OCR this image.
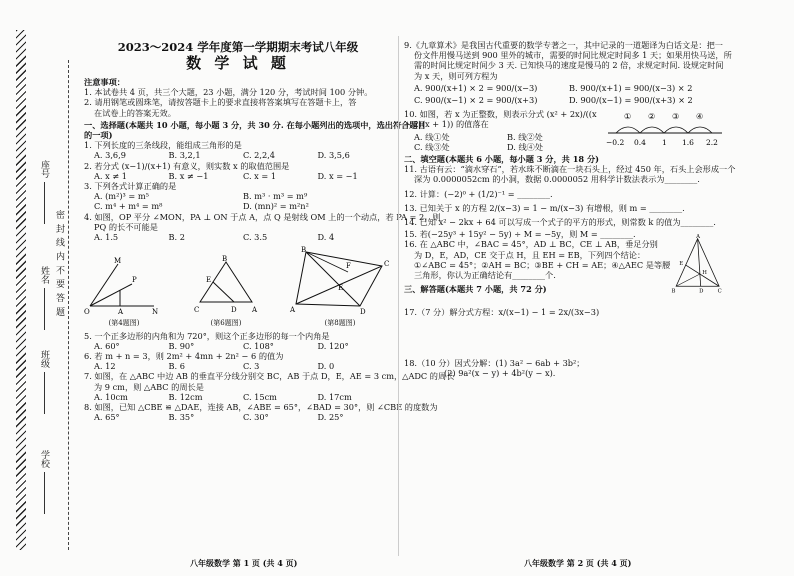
密 封 线 内 不 要 答 题
座号
姓名
班级
学校
2023～2024 学年度第一学期期末考试八年级
数 学 试 题
注意事项：
1. 本试卷共 4 页，共三个大题，23 小题，满分 120 分，考试时间 100 分钟。
2. 请用钢笔或圆珠笔，请按答题卡上的要求直接将答案填写在答题卡上，答
在试卷上的答案无效。
一、选择题(本题共 10 小题，每小题 3 分，共 30 分. 在每小题列出的选项中，选出符合题目
的一项)
1. 下列长度的三条线段，能组成三角形的是
A. 3,6,9	B. 3,2,1	C. 2,2,4	D. 3,5,6
2. 若分式 (x−1)/(x+1) 有意义，则实数 x 的取值范围是
A. x ≠ 1	B. x ≠ −1	C. x = 1	D. x = −1
3. 下列各式计算正确的是
A. (m²)³ = m⁵	B. m³ · m³ = m⁹
C. m⁴ + m⁴ = m⁸	D. (mn)² = m²n²
4. 如图，OP 平分 ∠MON，PA ⊥ ON 于点 A，点 Q 是射线 OM 上的一个动点，若 PA = 2，则
PQ 的长不可能是
A. 1.5	B. 2	C. 3.5	D. 4
M
P
O	A	N
(第4题图)
B
E
D
C	A
(第6题图)
B
F
A
E
C
D
(第8题图)
5. 一个正多边形的内角和为 720°，则这个正多边形的每一个内角是
A. 60°	B. 90°	C. 108°	D. 120°
6. 若 m + n = 3，则 2m² + 4mn + 2n² − 6 的值为
A. 12	B. 6	C. 3	D. 0
7. 如图，在 △ABC 中边 AB 的垂直平分线分别交 BC，AB 于点 D，E，AE = 3 cm，△ADC 的周长
为 9 cm，则 △ABC 的周长是
A. 10cm	B. 12cm	C. 15cm	D. 17cm
8. 如图，已知 △CBE ≌ △DAE，连接 AB，∠ABE = 65°，∠BAD = 30°，则 ∠CBE 的度数为
A. 65°	B. 35°	C. 30°	D. 25°
八年级数学 第 1 页 (共 4 页)
9.《九章算术》是我国古代重要的数学专著之一，其中记录的一道题译为白话文是：把一
份文件用慢马送到 900 里外的城市，需要的时间比规定时间多 1 天；如果用快马送，所
需的时间比规定时间少 3 天. 已知快马的速度是慢马的 2 倍，求规定时间. 设规定时间
为 x 天，则可列方程为
A. 900/(x+1) × 2 = 900/(x−3)	B. 900/(x+1) = 900/(x−3) × 2
C. 900/(x−1) × 2 = 900/(x+3)	D. 900/(x−1) = 900/(x+3) × 2
10. 如图，若 x 为正整数，则表示分式 (x² + 2x)/((x + 2)(x + 1)) 的值落在
A. 线①处	B. 线②处
C. 线③处	D. 线④处
① ② ③ ④
−0.2 0.4 1 1.6 2.2
二、填空题(本题共 6 小题，每小题 3 分，共 18 分)
11. 古语有云：“滴水穿石”，若水珠不断滴在一块石头上，经过 450 年，石头上会形成一个
深为 0.0000052cm 的小洞，数据 0.0000052 用科学计数法表示为________.
12. 计算：(−2)⁰ + (1/2)⁻¹ = ________.
13. 已知关于 x 的方程 2/(x−3) = 1 − m/(x−3) 有增根，则 m = ________.
14. 已知 x² − 2kx + 64 可以写成一个式子的平方的形式，则常数 k 的值为________.
15. 若(−25y³ + 15y² − 5y) ÷ M = −5y，则 M = ________.
16. 在 △ABC 中，∠BAC = 45°，AD ⊥ BC，CE ⊥ AB，垂足分别
为 D，E，AD，CE 交于点 H，且 EH = EB，下列四个结论：
①∠ABC = 45°；②AH = BC；③BE + CH = AE；④△AEC 是等腰
三角形，你认为正确结论有________个.
三、解答题(本题共 7 小题，共 72 分)
A
E
H
B	D C
17.（7 分）解分式方程：x/(x−1) − 1 = 2x/(3x−3)
18.（10 分）因式分解：(1) 3a² − 6ab + 3b²；
(2) 9a²(x − y) + 4b²(y − x).
八年级数学 第 2 页 (共 4 页)
